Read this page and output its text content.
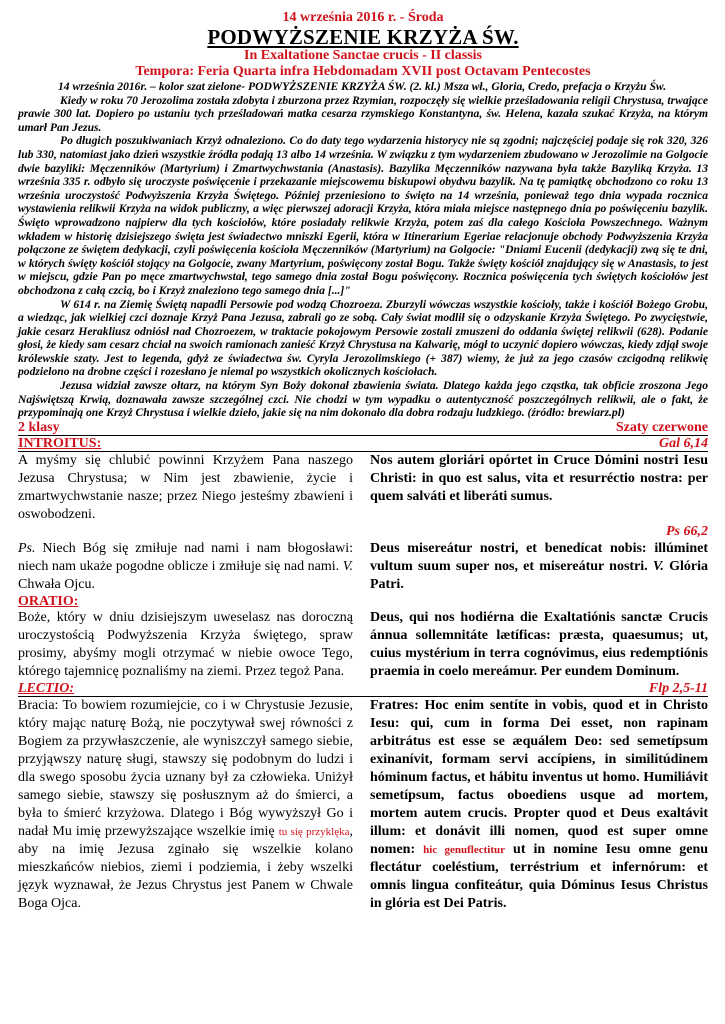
14 września 2016 r. - Środa
PODWYŻSZENIE KRZYŻA ŚW.
In Exaltatione Sanctae crucis - II classis
Tempora: Feria Quarta infra Hebdomadam XVII post Octavam Pentecostes

14 września 2016r. – kolor szat zielone- PODWYŻSZENIE KRZYŻA ŚW. (2. kl.) Msza wł., Gloria, Credo, prefacja o Krzyżu Św.

Kiedy w roku 70 Jerozolima została zdobyta i zburzona przez Rzymian, rozpoczęły się wielkie prześladowania religii Chrystusa, trwające prawie 300 lat. Dopiero po ustaniu tych prześladowań matka cesarza rzymskiego Konstantyna, św. Helena, kazała szukać Krzyża, na którym umarł Pan Jezus.

Po długich poszukiwaniach Krzyż odnaleziono. Co do daty tego wydarzenia historycy nie są zgodni; najczęściej podaje się rok 320, 326 lub 330, natomiast jako dzień wszystkie źródła podają 13 albo 14 września. W związku z tym wydarzeniem zbudowano w Jerozolimie na Golgocie dwie bazyliki: Męczenników (Martyrium) i Zmartwychwstania (Anastasis). Bazylika Męczenników nazywana była także Bazyliką Krzyża. 13 września 335 r. odbyło się uroczyste poświęcenie i przekazanie miejscowemu biskupowi obydwu bazylik. Na tę pamiątkę obchodzono co roku 13 września uroczystość Podwyższenia Krzyża Świętego. Później przeniesiono to święto na 14 września, ponieważ tego dnia wypada rocznica wystawienia relikwii Krzyża na widok publiczny, a więc pierwszej adoracji Krzyża, która miała miejsce następnego dnia po poświęceniu bazylik. Święto wprowadzono najpierw dla tych kościołów, które posiadały relikwie Krzyża, potem zaś dla całego Kościoła Powszechnego. Ważnym wkładem w historię dzisiejszego święta jest świadectwo mniszki Egerii, która w Itinerarium Egeriae relacjonuje obchody Podwyższenia Krzyża połączone ze świętem dedykacji, czyli poświęcenia kościoła Męczenników (Martyrium) na Golgocie: "Dniami Eucenii (dedykacji) zwą się te dni, w których święty kościół stojący na Golgocie, zwany Martyrium, poświęcony został Bogu. Także święty kościół znajdujący się w Anastasis, to jest w miejscu, gdzie Pan po męce zmartwychwstał, tego samego dnia został Bogu poświęcony. Rocznica poświęcenia tych świętych kościołów jest obchodzona z całą czcią, bo i Krzyż znaleziono tego samego dnia [...]"

W 614 r. na Ziemię Świętą napadli Persowie pod wodzą Chozroeza. Zburzyli wówczas wszystkie kościoły, także i kościół Bożego Grobu, a wiedząc, jak wielkiej czci doznaje Krzyż Pana Jezusa, zabrali go ze sobą. Cały świat modlił się o odzyskanie Krzyża Świętego. Po zwycięstwie, jakie cesarz Herakliusz odniósł nad Chozroezem, w traktacie pokojowym Persowie zostali zmuszeni do oddania świętej relikwii (628). Podanie głosi, że kiedy sam cesarz chciał na swoich ramionach zanieść Krzyż Chrystusa na Kalwarię, mógł to uczynić dopiero wówczas, kiedy zdjął swoje królewskie szaty. Jest to legenda, gdyż ze świadectwa św. Cyryla Jerozolimskiego (+ 387) wiemy, że już za jego czasów czcigodną relikwię podzielono na drobne części i rozesłano je niemal po wszystkich okolicznych kościołach.

Jezusa widział zawsze ołtarz, na którym Syn Boży dokonał zbawienia świata. Dlatego każda jego cząstka, tak obficie zroszona Jego Najświętszą Krwią, doznawała zawsze szczególnej czci. Nie chodzi w tym wypadku o autentyczność poszczególnych relikwii, ale o fakt, że przypominają one Krzyż Chrystusa i wielkie dzieło, jakie się na nim dokonało dla dobra rodzaju ludzkiego. (źródło: brewiarz.pl)

2 klasy	Szaty czerwone
INTROITUS:	Gal 6,14

A myśmy się chlubić powinni Krzyżem Pana naszego Jezusa Chrystusa; w Nim jest zbawienie, życie i zmartwychwstanie nasze; przez Niego jesteśmy zbawieni i oswobodzeni.

Nos autem gloriári opórtet in Cruce Dómini nostri Iesu Christi: in quo est salus, vita et resurréctio nostra: per quem salváti et liberáti sumus.

Ps 66,2

Ps. Niech Bóg się zmiłuje nad nami i nam błogosławi: niech nam ukaże pogodne oblicze i zmiłuje się nad nami. V. Chwała Ojcu.

Deus misereátur nostri, et benedícat nobis: illúminet vultum suum super nos, et misereátur nostri. V. Glória Patri.

ORATIO:

Boże, który w dniu dzisiejszym uweselasz nas doroczną uroczystością Podwyższenia Krzyża świętego, spraw prosimy, abyśmy mogli otrzymać w niebie owoce Tego, którego tajemnicę poznaliśmy na ziemi. Przez tegoż Pana.

Deus, qui nos hodiérna die Exaltatiónis sanctæ Crucis ánnua sollemnitáte lætíficas: præsta, quaesumus; ut, cuius mystérium in terra cognóvimus, eius redemptiónis praemia in coelo mereámur. Per eundem Dominum.

LECTIO:	Flp 2,5-11

Bracia: To bowiem rozumiejcie, co i w Chrystusie Jezusie, który mając naturę Bożą, nie poczytywał swej równości z Bogiem za przywłaszczenie, ale wyniszczył samego siebie, przyjąwszy naturę sługi, stawszy się podobnym do ludzi i dla swego sposobu życia uznany był za człowieka. Uniżył samego siebie, stawszy się posłusznym aż do śmierci, a była to śmierć krzyżowa. Dlatego i Bóg wywyższył Go i nadał Mu imię przewyższające wszelkie imię tu się przyklęka, aby na imię Jezusa zginało się wszelkie kolano mieszkańców niebios, ziemi i podziemia, i żeby wszelki język wyznawał, że Jezus Chrystus jest Panem w Chwale Boga Ojca.

Fratres: Hoc enim sentíte in vobis, quod et in Christo Iesu: qui, cum in forma Dei esset, non rapinam arbitrátus est esse se æquálem Deo: sed semetípsum exinanívit, formam servi accípiens, in similitúdinem hóminum factus, et hábitu inventus ut homo. Humiliávit semetípsum, factus oboediens usque ad mortem, mortem autem crucis. Propter quod et Deus exaltávit illum: et donávit illi nomen, quod est super omne nomen: hic genuflectitur ut in nomine Iesu omne genu flectátur coeléstium, terréstrium et infernórum: et omnis lingua confiteátur, quia Dóminus Iesus Christus in glória est Dei Patris.
